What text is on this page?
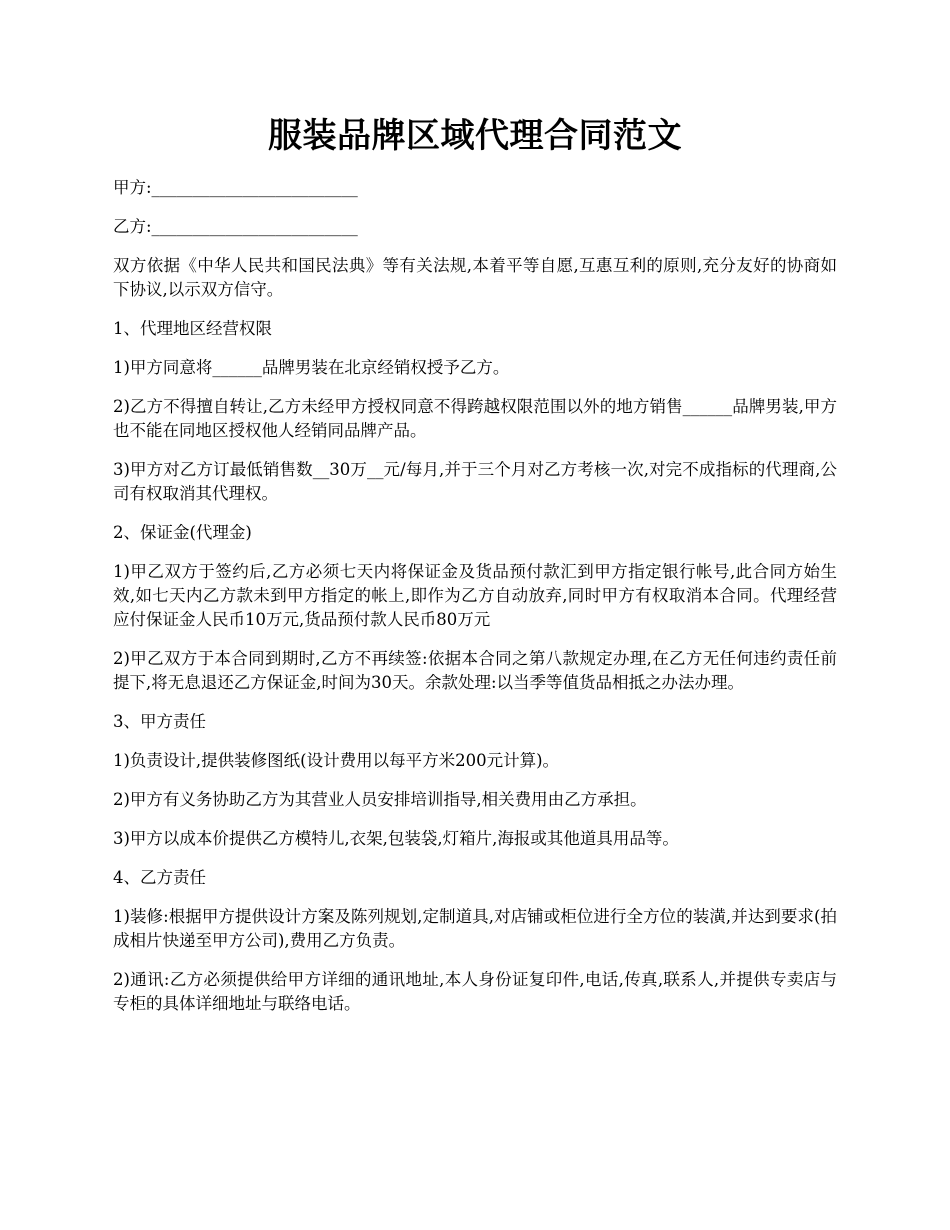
服装品牌区域代理合同范文

甲方:_________________________

乙方:_________________________

双方依据《中华人民共和国民法典》等有关法规,本着平等自愿,互惠互利的原则,充分友好的协商如下协议,以示双方信守。

1、代理地区经营权限

1)甲方同意将______品牌男装在北京经销权授予乙方。

2)乙方不得擅自转让,乙方未经甲方授权同意不得跨越权限范围以外的地方销售______品牌男装,甲方也不能在同地区授权他人经销同品牌产品。

3)甲方对乙方订最低销售数__30万__元/每月,并于三个月对乙方考核一次,对完不成指标的代理商,公司有权取消其代理权。

2、保证金(代理金)

1)甲乙双方于签约后,乙方必须七天内将保证金及货品预付款汇到甲方指定银行帐号,此合同方始生效,如七天内乙方款未到甲方指定的帐上,即作为乙方自动放弃,同时甲方有权取消本合同。代理经营应付保证金人民币10万元,货品预付款人民币80万元

2)甲乙双方于本合同到期时,乙方不再续签:依据本合同之第八款规定办理,在乙方无任何违约责任前提下,将无息退还乙方保证金,时间为30天。余款处理:以当季等值货品相抵之办法办理。

3、甲方责任

1)负责设计,提供装修图纸(设计费用以每平方米200元计算)。

2)甲方有义务协助乙方为其营业人员安排培训指导,相关费用由乙方承担。

3)甲方以成本价提供乙方模特儿,衣架,包装袋,灯箱片,海报或其他道具用品等。

4、乙方责任

1)装修:根据甲方提供设计方案及陈列规划,定制道具,对店铺或柜位进行全方位的装潢,并达到要求(拍成相片快递至甲方公司),费用乙方负责。

2)通讯:乙方必须提供给甲方详细的通讯地址,本人身份证复印件,电话,传真,联系人,并提供专卖店与专柜的具体详细地址与联络电话。
